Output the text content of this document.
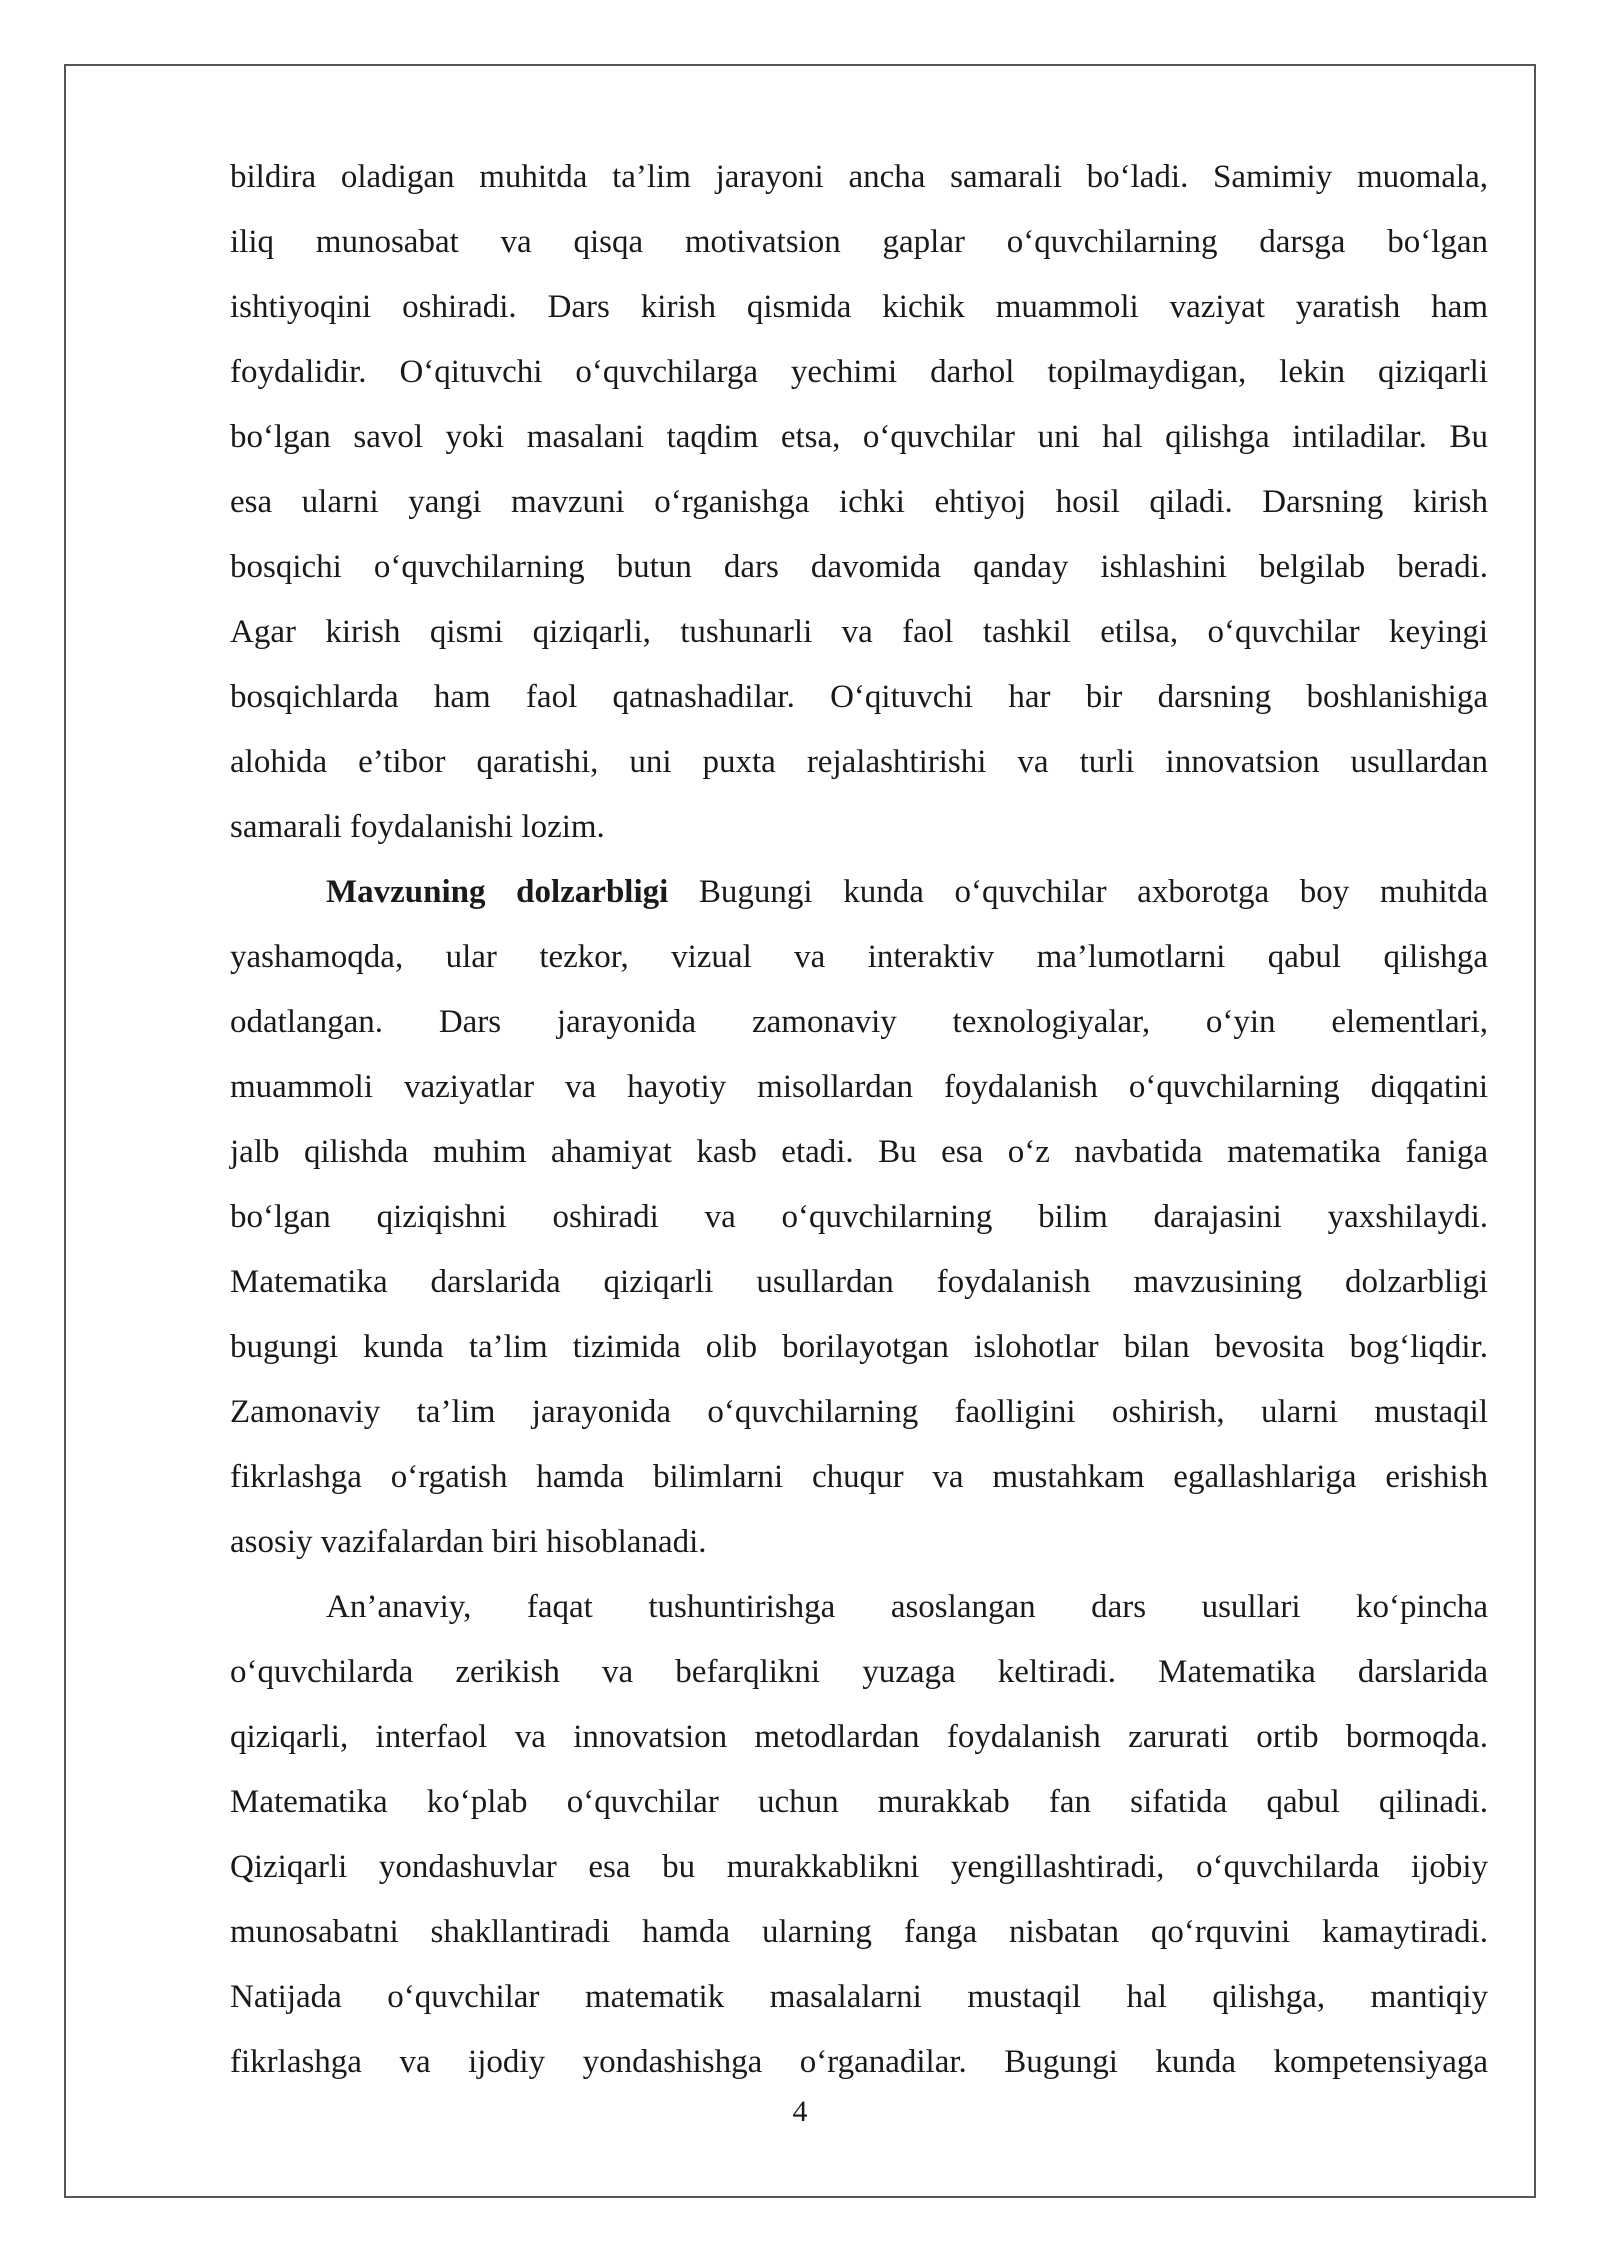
bildira oladigan muhitda ta’lim jarayoni ancha samarali bo‘ladi. Samimiy muomala,
iliq munosabat va qisqa motivatsion gaplar o‘quvchilarning darsga bo‘lgan
ishtiyoqini oshiradi. Dars kirish qismida kichik muammoli vaziyat yaratish ham
foydalidir. O‘qituvchi o‘quvchilarga yechimi darhol topilmaydigan, lekin qiziqarli
bo‘lgan savol yoki masalani taqdim etsa, o‘quvchilar uni hal qilishga intiladilar. Bu
esa ularni yangi mavzuni o‘rganishga ichki ehtiyoj hosil qiladi. Darsning kirish
bosqichi o‘quvchilarning butun dars davomida qanday ishlashini belgilab beradi.
Agar kirish qismi qiziqarli, tushunarli va faol tashkil etilsa, o‘quvchilar keyingi
bosqichlarda ham faol qatnashadilar. O‘qituvchi har bir darsning boshlanishiga
alohida e’tibor qaratishi, uni puxta rejalashtirishi va turli innovatsion usullardan
samarali foydalanishi lozim.
Mavzuning dolzarbligi Bugungi kunda o‘quvchilar axborotga boy muhitda
yashamoqda, ular tezkor, vizual va interaktiv ma’lumotlarni qabul qilishga
odatlangan. Dars jarayonida zamonaviy texnologiyalar, o‘yin elementlari,
muammoli vaziyatlar va hayotiy misollardan foydalanish o‘quvchilarning diqqatini
jalb qilishda muhim ahamiyat kasb etadi. Bu esa o‘z navbatida matematika faniga
bo‘lgan qiziqishni oshiradi va o‘quvchilarning bilim darajasini yaxshilaydi.
Matematika darslarida qiziqarli usullardan foydalanish mavzusining dolzarbligi
bugungi kunda ta’lim tizimida olib borilayotgan islohotlar bilan bevosita bog‘liqdir.
Zamonaviy ta’lim jarayonida o‘quvchilarning faolligini oshirish, ularni mustaqil
fikrlashga o‘rgatish hamda bilimlarni chuqur va mustahkam egallashlariga erishish
asosiy vazifalardan biri hisoblanadi.
An’anaviy, faqat tushuntirishga asoslangan dars usullari ko‘pincha
o‘quvchilarda zerikish va befarqlikni yuzaga keltiradi. Matematika darslarida
qiziqarli, interfaol va innovatsion metodlardan foydalanish zarurati ortib bormoqda.
Matematika ko‘plab o‘quvchilar uchun murakkab fan sifatida qabul qilinadi.
Qiziqarli yondashuvlar esa bu murakkablikni yengillashtiradi, o‘quvchilarda ijobiy
munosabatni shakllantiradi hamda ularning fanga nisbatan qo‘rquvini kamaytiradi.
Natijada o‘quvchilar matematik masalalarni mustaqil hal qilishga, mantiqiy
fikrlashga va ijodiy yondashishga o‘rganadilar. Bugungi kunda kompetensiyaga
4
